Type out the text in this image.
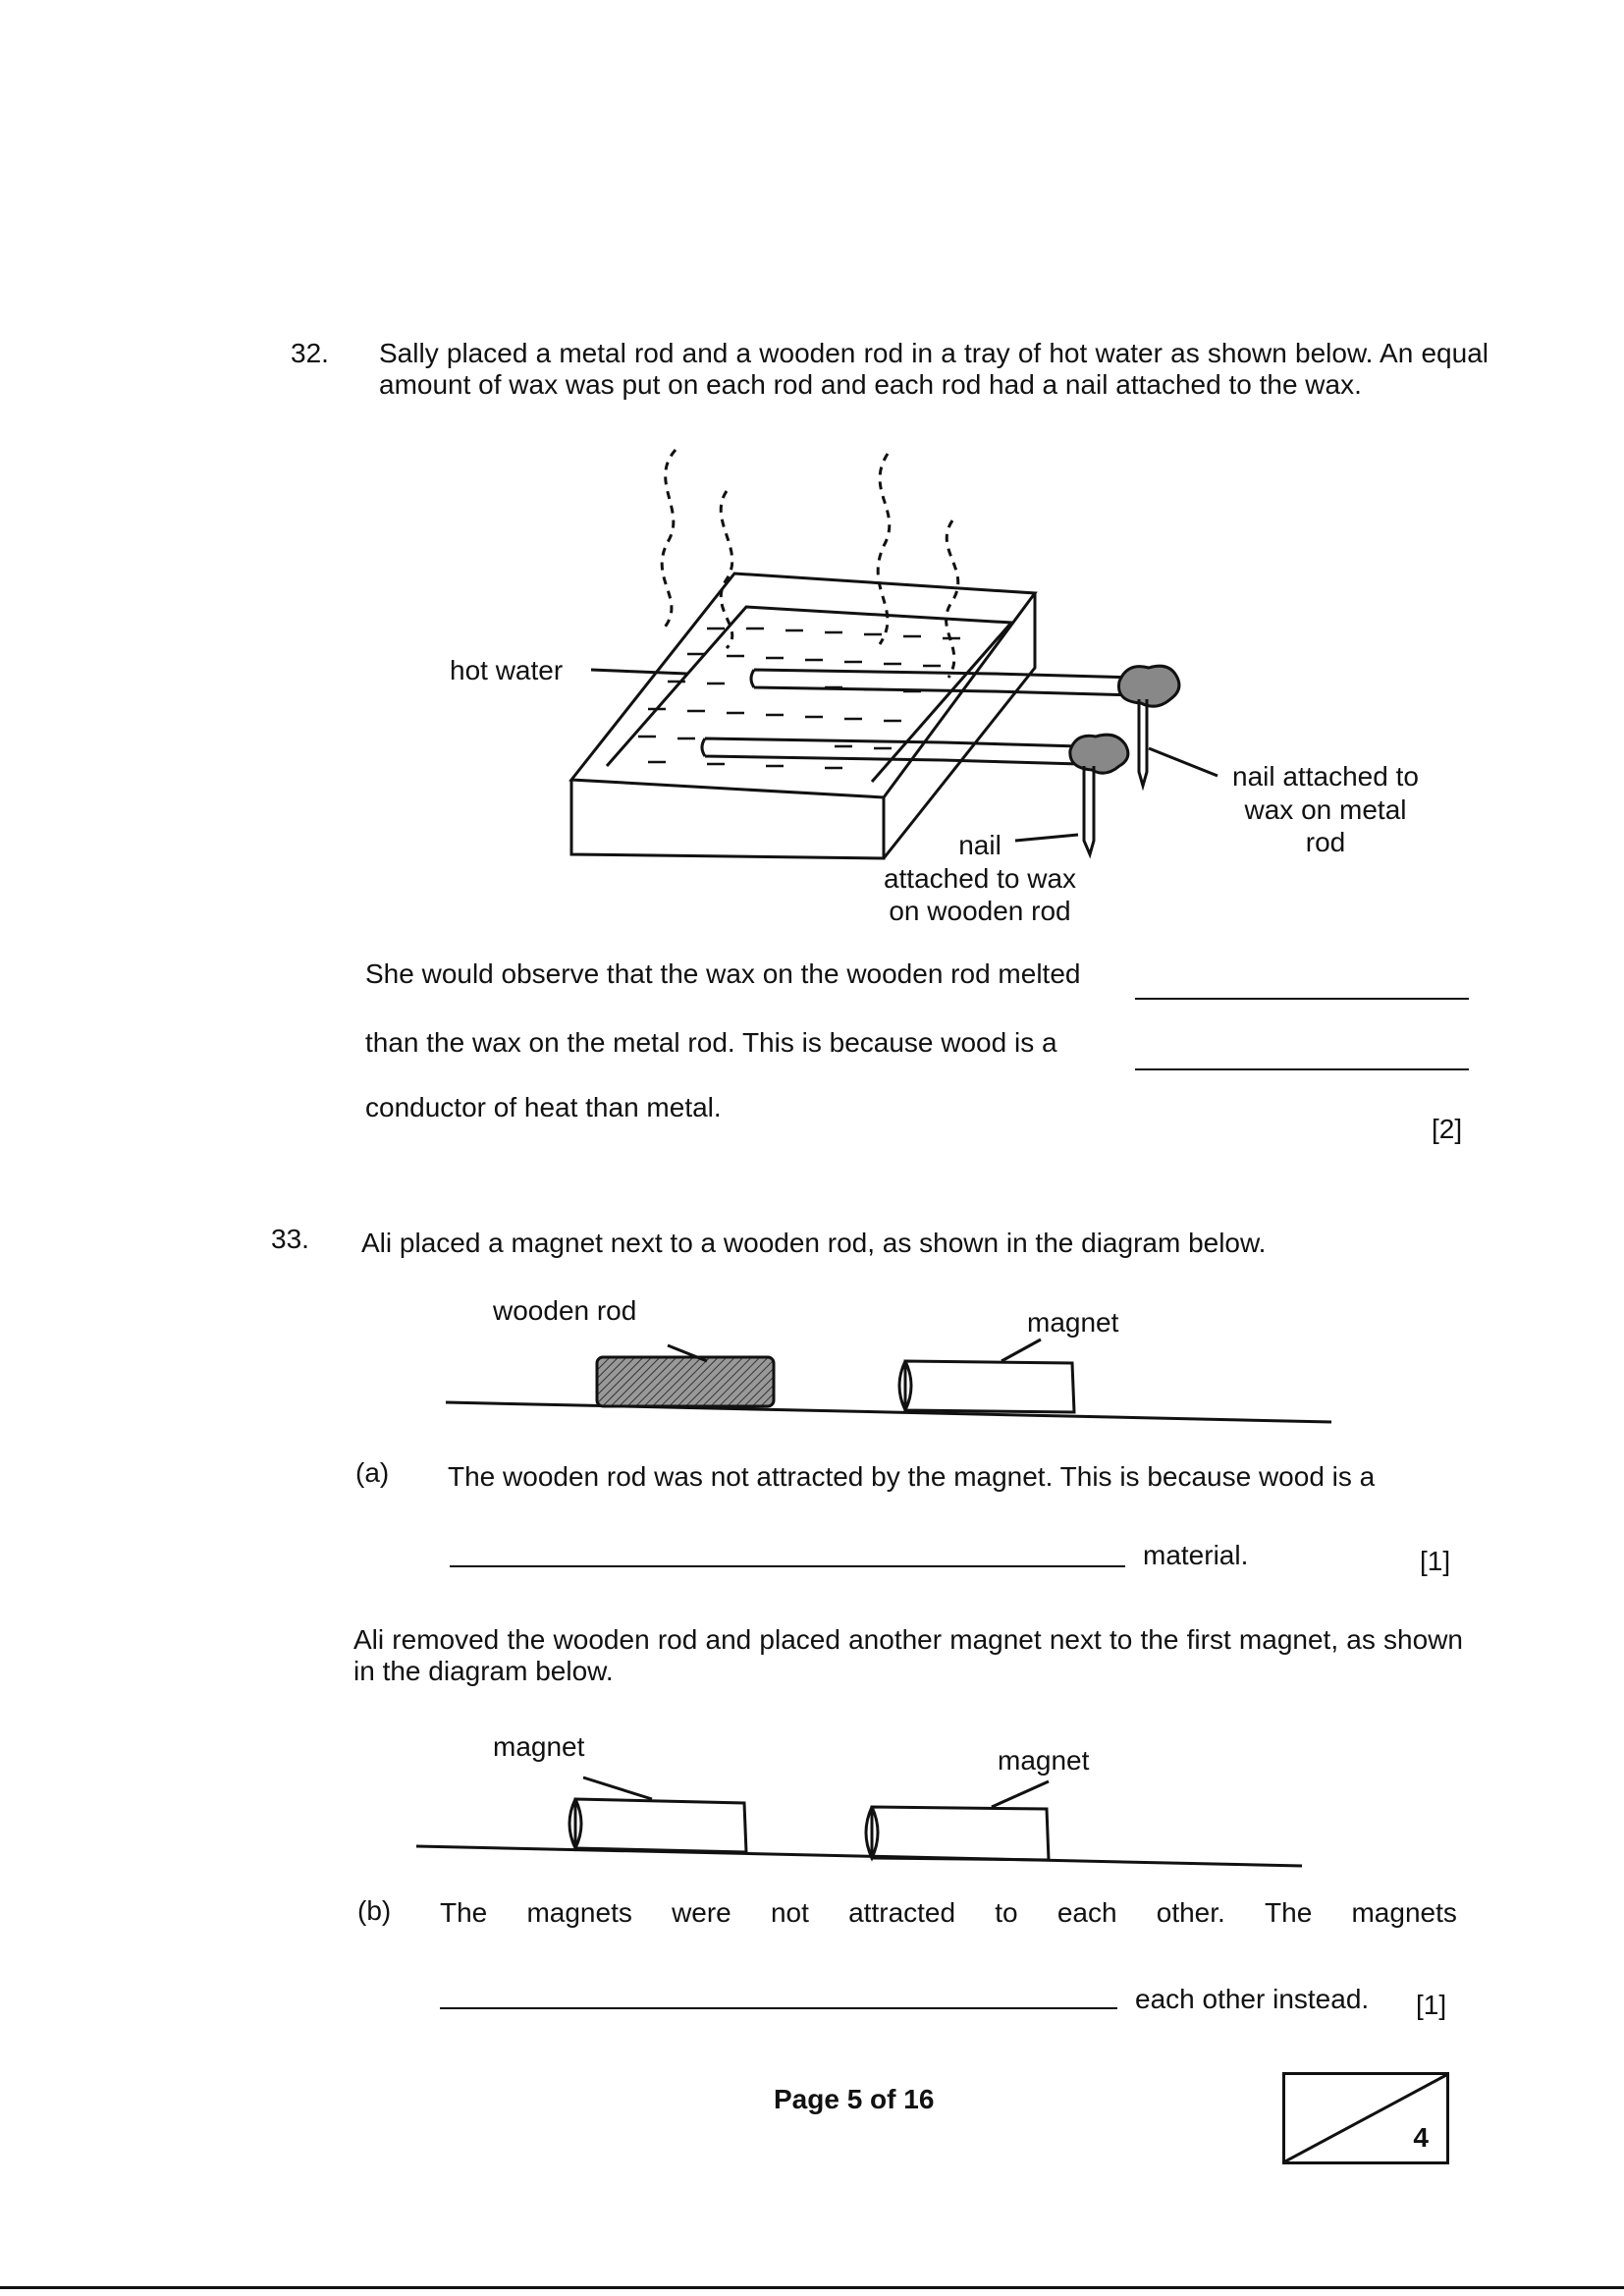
32. Sally placed a metal rod and a wooden rod in a tray of hot water as shown below. An equal amount of wax was put on each rod and each rod had a nail attached to the wax.
hot water
nail attached to
wax on metal
rod
nail
attached to wax
on wooden rod
She would observe that the wax on the wooden rod melted
than the wax on the metal rod. This is because wood is a
conductor of heat than metal.
[2]
33. Ali placed a magnet next to a wooden rod, as shown in the diagram below.
wooden rod	magnet
(a) The wooden rod was not attracted by the magnet. This is because wood is a
material.	[1]
Ali removed the wooden rod and placed another magnet next to the first magnet, as shown in the diagram below.
magnet	magnet
(b) The magnets were not attracted to each other. The magnets
each other instead. [1]
Page 5 of 16
4
